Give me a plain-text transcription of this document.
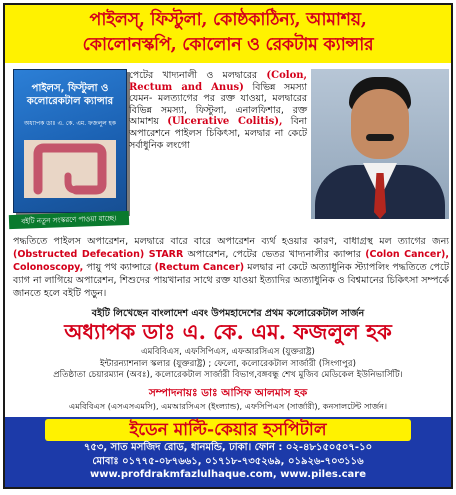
পাইলস্, ফিস্টুলা, কোষ্ঠকাঠিন্য, আমাশয়,
কোলোনস্কপি, কোলোন ও রেকটাম ক্যান্সার
পাইলস, ফিস্টুলা ও
কলোরেকটাল ক্যান্সার
অধ্যাপক ডাঃ এ. কে. এম. ফজলুল হক
বইটি নতুন সংস্করণে পাওয়া যাচ্ছে।
পেটের খাদ্যনালী ও মলদ্বারের (Colon, Rectum and Anus) বিভিন্ন সমস্যা যেমন- মলত্যাগের পর রক্ত যাওয়া, মলদ্বারের বিভিন্ন সমস্যা, ফিস্টুলা, এনালফিশার, রক্ত আমাশয় (Ulcerative Colitis), বিনা অপারেশনে পাইলস চিকিৎসা, মলদ্বার না কেটে সর্বাধুনিক লংগো
পদ্ধতিতে পাইলস অপারেশন, মলদ্বারে বারে বারে অপারেশন ব্যর্থ হওয়ার কারণ, বাধাগ্রস্থ মল ত্যাগের জন্য (Obstructed Defecation) STARR অপারেশন, পেটের ভেতর খাদ্যনালীর ক্যান্সার (Colon Cancer), Colonoscopy, পায়ু পথ ক্যান্সারে (Rectum Cancer) মলদ্বার না কেটে অত্যাধুনিক স্ট্যাপলিং পদ্ধতিতে পেটে ব্যাগ না লাগিয়ে অপারেশন, শিশুদের পায়খানার সাথে রক্ত যাওয়া ইত্যাদির অত্যাধুনিক ও বিশ্বমানের চিকিৎসা সম্পর্কে জানতে হলে বইটি পড়ুন।
বইটি লিখেছেন বাংলাদেশ এবং উপমহাদেশের প্রথম কলোরেকটাল সার্জন
অধ্যাপক ডাঃ এ. কে. এম. ফজলুল হক
এমবিবিএস, এফসিপিএস, এফআরসিএস (যুক্তরাষ্ট্র)
ইন্টারন্যাশনাল স্কলার (যুক্তরাষ্ট্র) ; ফেলো, কলোরেকটাল সার্জারী (সিংগাপুর)
প্রতিষ্ঠাতা চেয়ারম্যান (অবঃ), কলোরেকটাল সার্জারী বিভাগ,বঙ্গবন্ধু শেখ মুজিব মেডিকেল ইউনিভার্সিটি।
সম্পাদনায়ঃ ডাঃ আসিফ আলমাস হক
এমবিবিএস (এসএসএমসি), এমআরসিএস (ইংল্যান্ড), এফসিপিএস (সার্জারী), কনসালটেন্ট সার্জন।
ইডেন মাল্টি-কেয়ার হসপিটাল
৭৫৩, সাত মসজিদ রোড, ধানমন্ডি, ঢাকা। ফোন : ০২-৪৮১৫০৫০৭-১০
মোবাঃ ০১৭৭৫-০৮৭৬৬১, ০১৭১৮-৭৩৫২৬৯, ০১৯২৬-৭০৩১১৬
www.profdrakmfazlulhaque.com, www.piles.care
